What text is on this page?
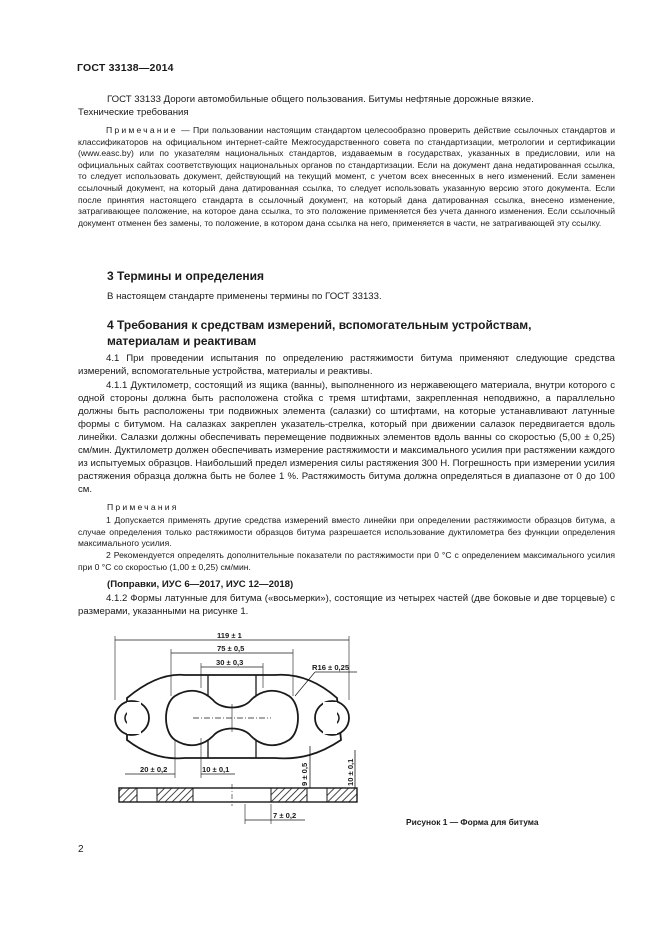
ГОСТ 33138—2014
ГОСТ 33133 Дороги автомобильные общего пользования. Битумы нефтяные дорожные вязкие.
Технические требования
Примечание — При пользовании настоящим стандартом целесообразно проверить действие ссылочных стандартов и классификаторов на официальном интернет-сайте Межгосударственного совета по стандартизации, метрологии и сертификации (www.easc.by) или по указателям национальных стандартов, издаваемым в государствах, указанных в предисловии, или на официальных сайтах соответствующих национальных органов по стандартизации. Если на документ дана недатированная ссылка, то следует использовать документ, действующий на текущий момент, с учетом всех внесенных в него изменений. Если заменен ссылочный документ, на который дана датированная ссылка, то следует использовать указанную версию этого документа. Если после принятия настоящего стандарта в ссылочный документ, на который дана датированная ссылка, внесено изменение, затрагивающее положение, на которое дана ссылка, то это положение применяется без учета данного изменения. Если ссылочный документ отменен без замены, то положение, в котором дана ссылка на него, применяется в части, не затрагивающей эту ссылку.
3 Термины и определения
В настоящем стандарте применены термины по ГОСТ 33133.
4 Требования к средствам измерений, вспомогательным устройствам,
материалам и реактивам
4.1 При проведении испытания по определению растяжимости битума применяют следующие средства измерений, вспомогательные устройства, материалы и реактивы.
4.1.1 Дуктилометр, состоящий из ящика (ванны), выполненного из нержавеющего материала, внутри которого с одной стороны должна быть расположена стойка с тремя штифтами, закрепленная неподвижно, а параллельно должны быть расположены три подвижных элемента (салазки) со штифтами, на которые устанавливают латунные формы с битумом. На салазках закреплен указатель-стрелка, который при движении салазок передвигается вдоль линейки. Салазки должны обеспечивать перемещение подвижных элементов вдоль ванны со скоростью (5,00 ± 0,25) см/мин. Дуктилометр должен обеспечивать измерение растяжимости и максимального усилия при растяжении каждого из испытуемых образцов. Наибольший предел измерения силы растяжения 300 Н. Погрешность при измерении усилия растяжения образца должна быть не более 1 %. Растяжимость битума должна определяться в диапазоне от 0 до 100 см.
Примечания
1 Допускается применять другие средства измерений вместо линейки при определении растяжимости образцов битума, а случае определения только растяжимости образцов битума разрешается использование дуктилометра без функции определения максимального усилия.
2 Рекомендуется определять дополнительные показатели по растяжимости при 0 °С с определением максимального усилия при 0 °С со скоростью (1,00 ± 0,25) см/мин.
(Поправки, ИУС 6—2017, ИУС 12—2018)
4.1.2 Формы латунные для битума («восьмерки»), состоящие из четырех частей (две боковые и две торцевые) с размерами, указанными на рисунке 1.
119 ± 1
75 ± 0,5
30 ± 0,3
R16 ± 0,25
20 ± 0,2	10 ± 0,1	9 ± 0,5	10 ± 0,1
7 ± 0,2
Рисунок 1 — Форма для битума
2
